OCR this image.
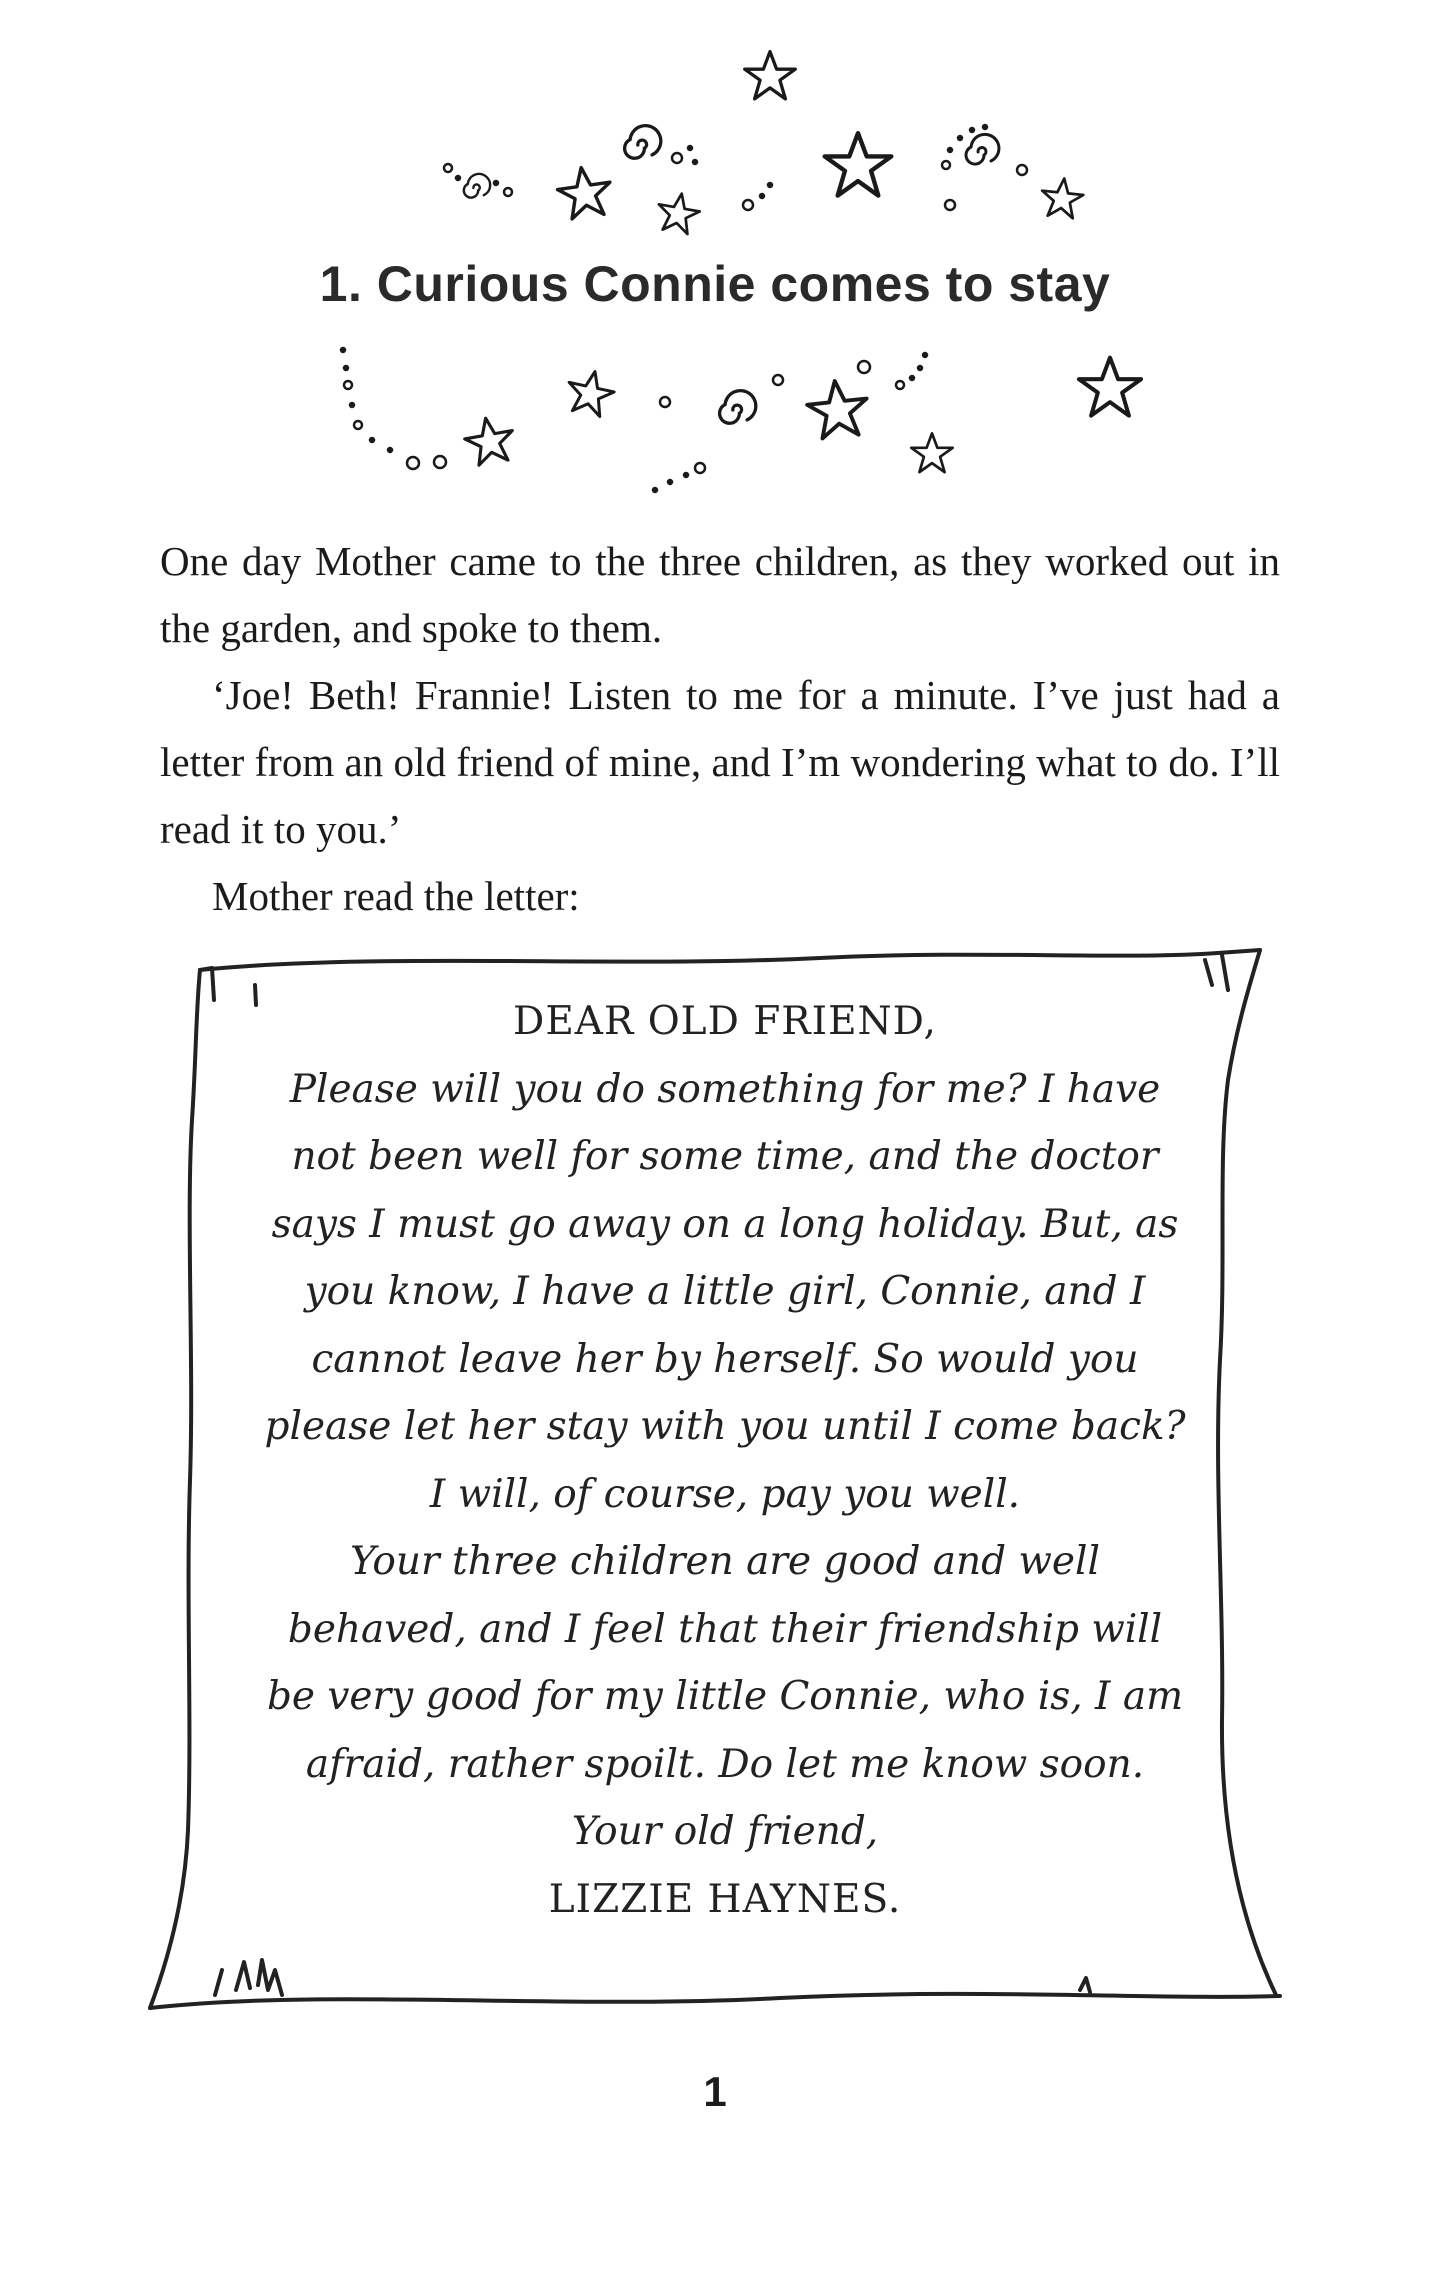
1. Curious Connie comes to stay

One day Mother came to the three children, as they worked out in the garden, and spoke to them.

‘Joe! Beth! Frannie! Listen to me for a minute. I’ve just had a letter from an old friend of mine, and I’m wondering what to do. I’ll read it to you.’

Mother read the letter:

DEAR OLD FRIEND,
Please will you do something for me? I have
not been well for some time, and the doctor
says I must go away on a long holiday. But, as
you know, I have a little girl, Connie, and I
cannot leave her by herself. So would you
please let her stay with you until I come back?
I will, of course, pay you well.
Your three children are good and well
behaved, and I feel that their friendship will
be very good for my little Connie, who is, I am
afraid, rather spoilt. Do let me know soon.
Your old friend,
LIZZIE HAYNES.
1
